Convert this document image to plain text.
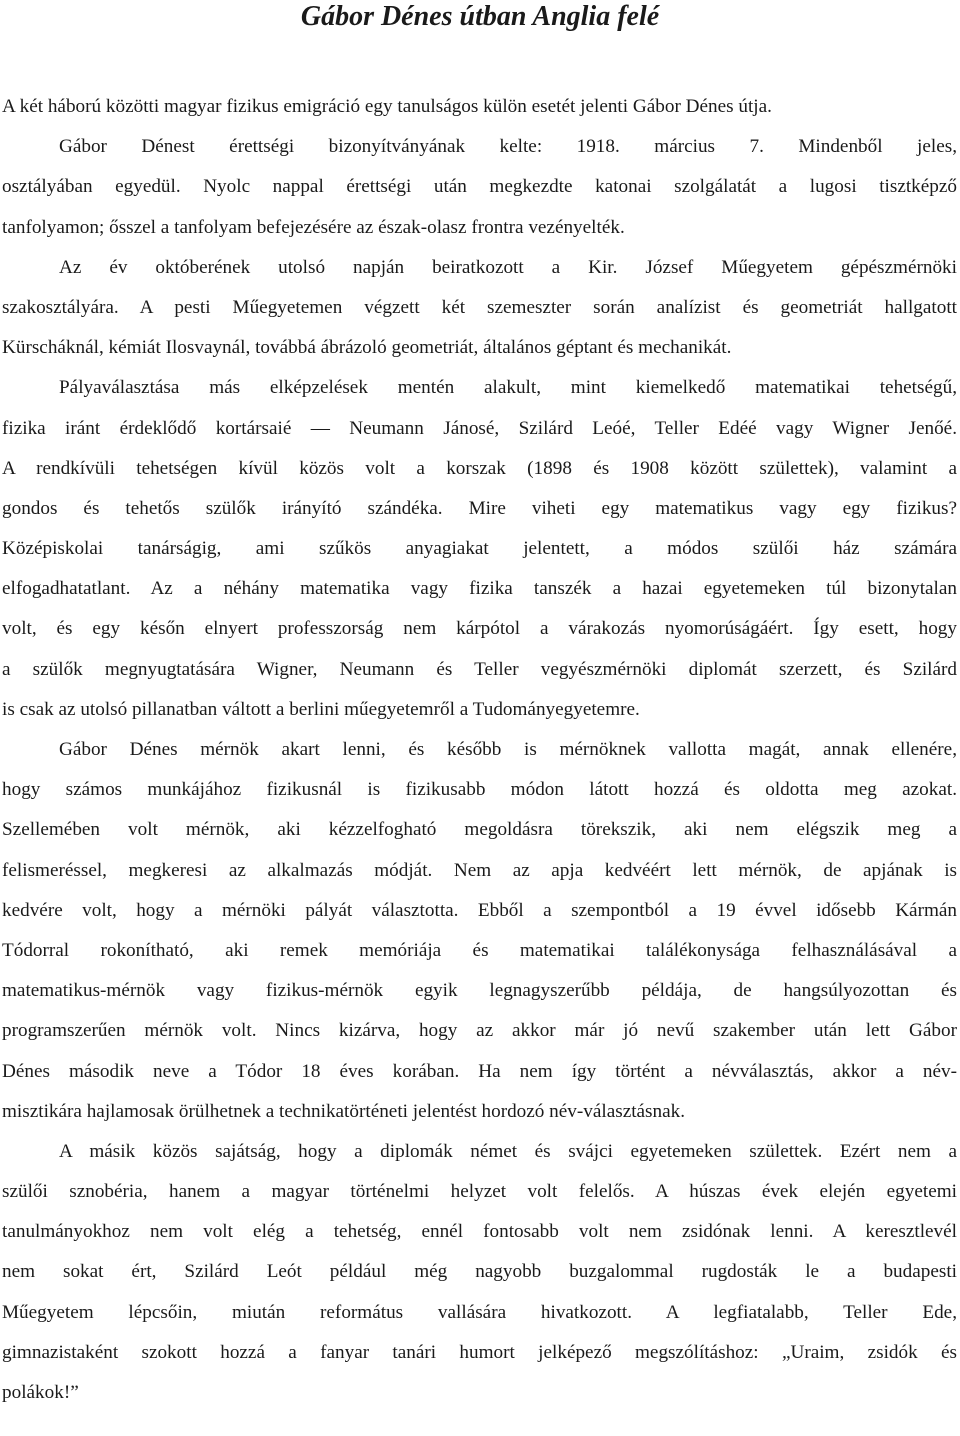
Gábor Dénes útban Anglia felé
A két háború közötti magyar fizikus emigráció egy tanulságos külön esetét jelenti Gábor Dénes útja.
Gábor Dénest érettségi bizonyítványának kelte: 1918. március 7. Mindenből jeles,
osztályában egyedül. Nyolc nappal érettségi után megkezdte katonai szolgálatát a lugosi tisztképző
tanfolyamon; ősszel a tanfolyam befejezésére az észak-olasz frontra vezényelték.
Az év októberének utolsó napján beiratkozott a Kir. József Műegyetem gépészmérnöki
szakosztályára. A pesti Műegyetemen végzett két szemeszter során analízist és geometriát hallgatott
Kürscháknál, kémiát Ilosvaynál, továbbá ábrázoló geometriát, általános géptant és mechanikát.
Pályaválasztása más elképzelések mentén alakult, mint kiemelkedő matematikai tehetségű,
fizika iránt érdeklődő kortársaié — Neumann Jánosé, Szilárd Leóé, Teller Edéé vagy Wigner Jenőé.
A rendkívüli tehetségen kívül közös volt a korszak (1898 és 1908 között születtek), valamint a
gondos és tehetős szülők irányító szándéka. Mire viheti egy matematikus vagy egy fizikus?
Középiskolai tanárságig, ami szűkös anyagiakat jelentett, a módos szülői ház számára
elfogadhatatlant. Az a néhány matematika vagy fizika tanszék a hazai egyetemeken túl bizonytalan
volt, és egy későn elnyert professzorság nem kárpótol a várakozás nyomorúságáért. Így esett, hogy
a szülők megnyugtatására Wigner, Neumann és Teller vegyészmérnöki diplomát szerzett, és Szilárd
is csak az utolsó pillanatban váltott a berlini műegyetemről a Tudományegyetemre.
Gábor Dénes mérnök akart lenni, és később is mérnöknek vallotta magát, annak ellenére,
hogy számos munkájához fizikusnál is fizikusabb módon látott hozzá és oldotta meg azokat.
Szellemében volt mérnök, aki kézzelfogható megoldásra törekszik, aki nem elégszik meg a
felismeréssel, megkeresi az alkalmazás módját. Nem az apja kedvéért lett mérnök, de apjának is
kedvére volt, hogy a mérnöki pályát választotta. Ebből a szempontból a 19 évvel idősebb Kármán
Tódorral rokonítható, aki remek memóriája és matematikai találékonysága felhasználásával a
matematikus-mérnök vagy fizikus-mérnök egyik legnagyszerűbb példája, de hangsúlyozottan és
programszerűen mérnök volt. Nincs kizárva, hogy az akkor már jó nevű szakember után lett Gábor
Dénes második neve a Tódor 18 éves korában. Ha nem így történt a névválasztás, akkor a név-
misztikára hajlamosak örülhetnek a technikatörténeti jelentést hordozó név-választásnak.
A másik közös sajátság, hogy a diplomák német és svájci egyetemeken születtek. Ezért nem a
szülői sznobéria, hanem a magyar történelmi helyzet volt felelős. A húszas évek elején egyetemi
tanulmányokhoz nem volt elég a tehetség, ennél fontosabb volt nem zsidónak lenni. A keresztlevél
nem sokat ért, Szilárd Leót például még nagyobb buzgalommal rugdosták le a budapesti
Műegyetem lépcsőin, miután református vallására hivatkozott. A legfiatalabb, Teller Ede,
gimnazistaként szokott hozzá a fanyar tanári humort jelképező megszólításhoz: „Uraim, zsidók és
polákok!”
